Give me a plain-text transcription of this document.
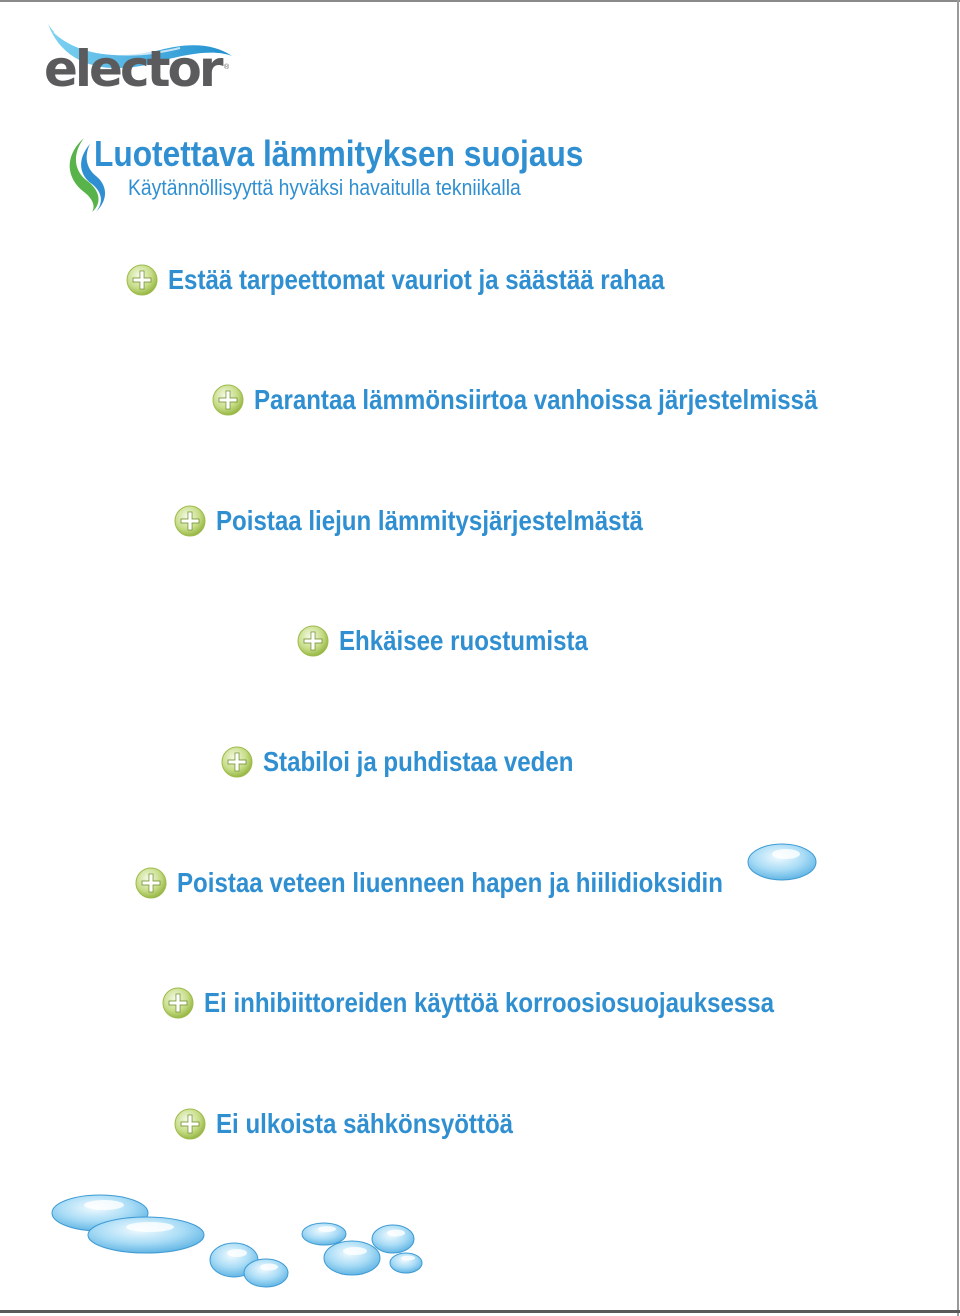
elector ®
Luotettava lämmityksen suojaus
Käytännöllisyyttä hyväksi havaitulla tekniikalla
Estää tarpeettomat vauriot ja säästää rahaa
Parantaa lämmönsiirtoa vanhoissa järjestelmissä
Poistaa liejun lämmitysjärjestelmästä
Ehkäisee ruostumista
Stabiloi ja puhdistaa veden
Poistaa veteen liuenneen hapen ja hiilidioksidin
Ei inhibiittoreiden käyttöä korroosiosuojauksessa
Ei ulkoista sähkönsyöttöä
